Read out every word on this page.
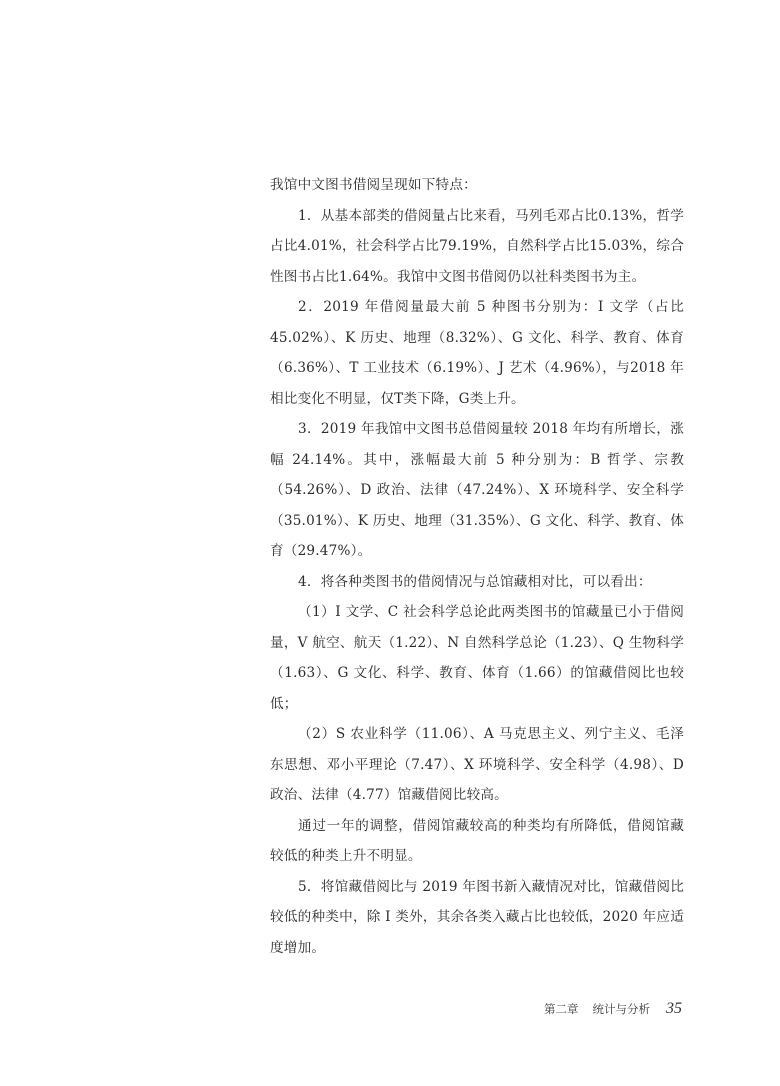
我馆中文图书借阅呈现如下特点：

1．从基本部类的借阅量占比来看，马列毛邓占比0.13%，哲学占比4.01%，社会科学占比79.19%，自然科学占比15.03%，综合性图书占比1.64%。我馆中文图书借阅仍以社科类图书为主。

2．2019 年借阅量最大前 5 种图书分别为：I 文学（占比45.02%）、K 历史、地理（8.32%）、G 文化、科学、教育、体育（6.36%）、T 工业技术（6.19%）、J 艺术（4.96%），与2018 年相比变化不明显，仅T类下降，G类上升。

3．2019 年我馆中文图书总借阅量较 2018 年均有所增长，涨幅 24.14%。其中，涨幅最大前 5 种分别为：B 哲学、宗教（54.26%）、D 政治、法律（47.24%）、X 环境科学、安全科学（35.01%）、K 历史、地理（31.35%）、G 文化、科学、教育、体育（29.47%）。

4．将各种类图书的借阅情况与总馆藏相对比，可以看出：

（1）I 文学、C 社会科学总论此两类图书的馆藏量已小于借阅量，V 航空、航天（1.22）、N 自然科学总论（1.23）、Q 生物科学（1.63）、G 文化、科学、教育、体育（1.66）的馆藏借阅比也较低；

（2）S 农业科学（11.06）、A 马克思主义、列宁主义、毛泽东思想、邓小平理论（7.47）、X 环境科学、安全科学（4.98）、D 政治、法律（4.77）馆藏借阅比较高。

通过一年的调整，借阅馆藏较高的种类均有所降低，借阅馆藏较低的种类上升不明显。

5．将馆藏借阅比与 2019 年图书新入藏情况对比，馆藏借阅比较低的种类中，除 I 类外，其余各类入藏占比也较低，2020 年应适度增加。

第二章 统计与分析 35
